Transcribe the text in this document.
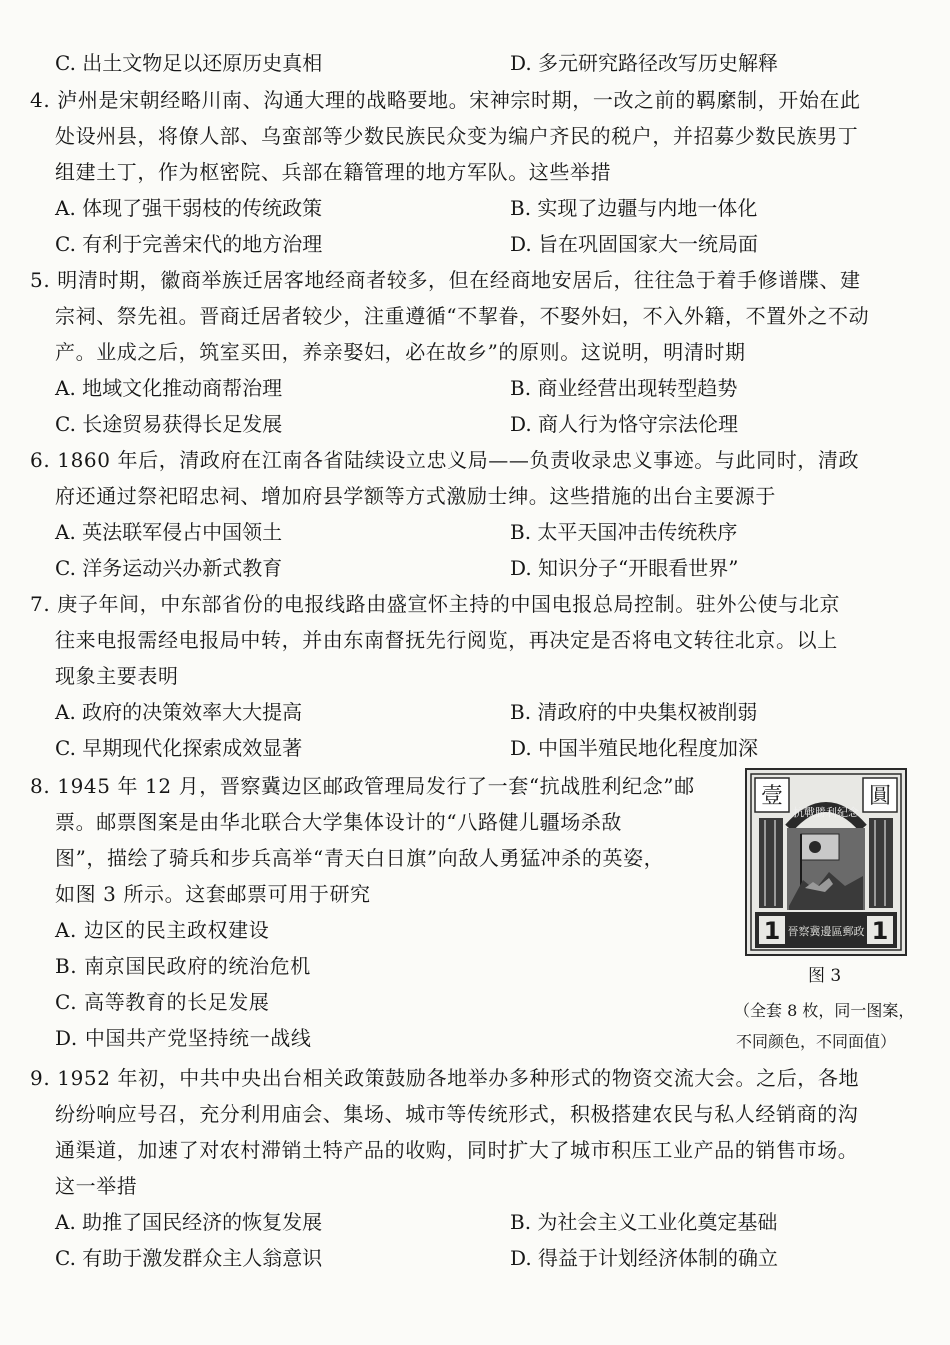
C. 出土文物足以还原历史真相	D. 多元研究路径改写历史解释
4. 泸州是宋朝经略川南、沟通大理的战略要地。宋神宗时期，一改之前的羁縻制，开始在此
处设州县，将僚人部、乌蛮部等少数民族民众变为编户齐民的税户，并招募少数民族男丁
组建土丁，作为枢密院、兵部在籍管理的地方军队。这些举措
A. 体现了强干弱枝的传统政策	B. 实现了边疆与内地一体化
C. 有利于完善宋代的地方治理	D. 旨在巩固国家大一统局面
5. 明清时期，徽商举族迁居客地经商者较多，但在经商地安居后，往往急于着手修谱牒、建
宗祠、祭先祖。晋商迁居者较少，注重遵循“不挈眷，不娶外妇，不入外籍，不置外之不动
产。业成之后，筑室买田，养亲娶妇，必在故乡”的原则。这说明，明清时期
A. 地域文化推动商帮治理	B. 商业经营出现转型趋势
C. 长途贸易获得长足发展	D. 商人行为恪守宗法伦理
6. 1860 年后，清政府在江南各省陆续设立忠义局——负责收录忠义事迹。与此同时，清政
府还通过祭祀昭忠祠、增加府县学额等方式激励士绅。这些措施的出台主要源于
A. 英法联军侵占中国领土	B. 太平天国冲击传统秩序
C. 洋务运动兴办新式教育	D. 知识分子“开眼看世界”
7. 庚子年间，中东部省份的电报线路由盛宣怀主持的中国电报总局控制。驻外公使与北京
往来电报需经电报局中转，并由东南督抚先行阅览，再决定是否将电文转往北京。以上
现象主要表明
A. 政府的决策效率大大提高	B. 清政府的中央集权被削弱
C. 早期现代化探索成效显著	D. 中国半殖民地化程度加深
8. 1945 年 12 月，晋察冀边区邮政管理局发行了一套“抗战胜利纪念”邮
票。邮票图案是由华北联合大学集体设计的“八路健儿疆场杀敌
图”，描绘了骑兵和步兵高举“青天白日旗”向敌人勇猛冲杀的英姿，
如图 3 所示。这套邮票可用于研究
A. 边区的民主政权建设
B. 南京国民政府的统治危机
C. 高等教育的长足发展
D. 中国共产党坚持统一战线
壹	圓
抗戰勝利紀念
1	1
晉察冀邊區郵政
图 3
（全套 8 枚，同一图案，
不同颜色，不同面值）
9. 1952 年初，中共中央出台相关政策鼓励各地举办多种形式的物资交流大会。之后，各地
纷纷响应号召，充分利用庙会、集场、城市等传统形式，积极搭建农民与私人经销商的沟
通渠道，加速了对农村滞销土特产品的收购，同时扩大了城市积压工业产品的销售市场。
这一举措
A. 助推了国民经济的恢复发展	B. 为社会主义工业化奠定基础
C. 有助于激发群众主人翁意识	D. 得益于计划经济体制的确立
